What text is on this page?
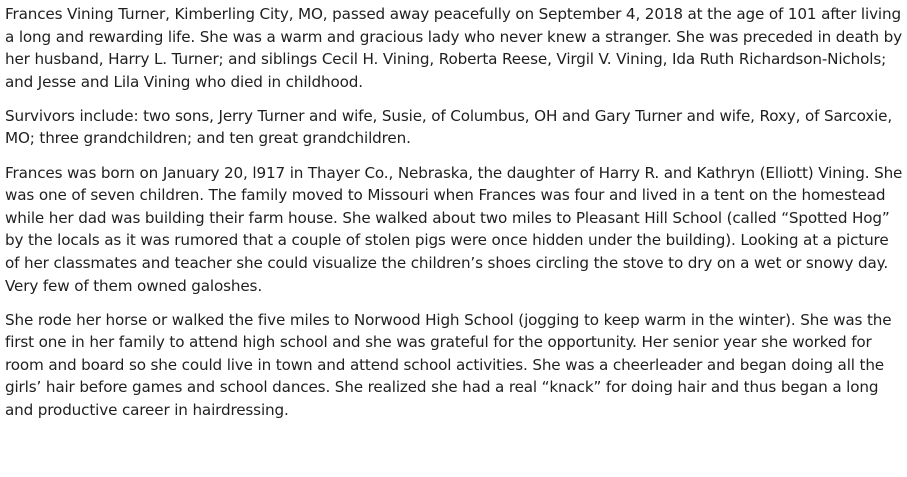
Frances Vining Turner, Kimberling City, MO, passed away peacefully on September 4, 2018 at the age of 101 after living a long and rewarding life. She was a warm and gracious lady who never knew a stranger. She was preceded in death by her husband, Harry L. Turner; and siblings Cecil H. Vining, Roberta Reese, Virgil V. Vining, Ida Ruth Richardson-Nichols; and Jesse and Lila Vining who died in childhood.

Survivors include: two sons, Jerry Turner and wife, Susie, of Columbus, OH and Gary Turner and wife, Roxy, of Sarcoxie, MO; three grandchildren; and ten great grandchildren.

Frances was born on January 20, l917 in Thayer Co., Nebraska, the daughter of Harry R. and Kathryn (Elliott) Vining. She was one of seven children. The family moved to Missouri when Frances was four and lived in a tent on the homestead while her dad was building their farm house. She walked about two miles to Pleasant Hill School (called “Spotted Hog” by the locals as it was rumored that a couple of stolen pigs were once hidden under the building). Looking at a picture of her classmates and teacher she could visualize the children’s shoes circling the stove to dry on a wet or snowy day. Very few of them owned galoshes.

She rode her horse or walked the five miles to Norwood High School (jogging to keep warm in the winter). She was the first one in her family to attend high school and she was grateful for the opportunity. Her senior year she worked for room and board so she could live in town and attend school activities. She was a cheerleader and began doing all the girls’ hair before games and school dances. She realized she had a real “knack” for doing hair and thus began a long and productive career in hairdressing.
